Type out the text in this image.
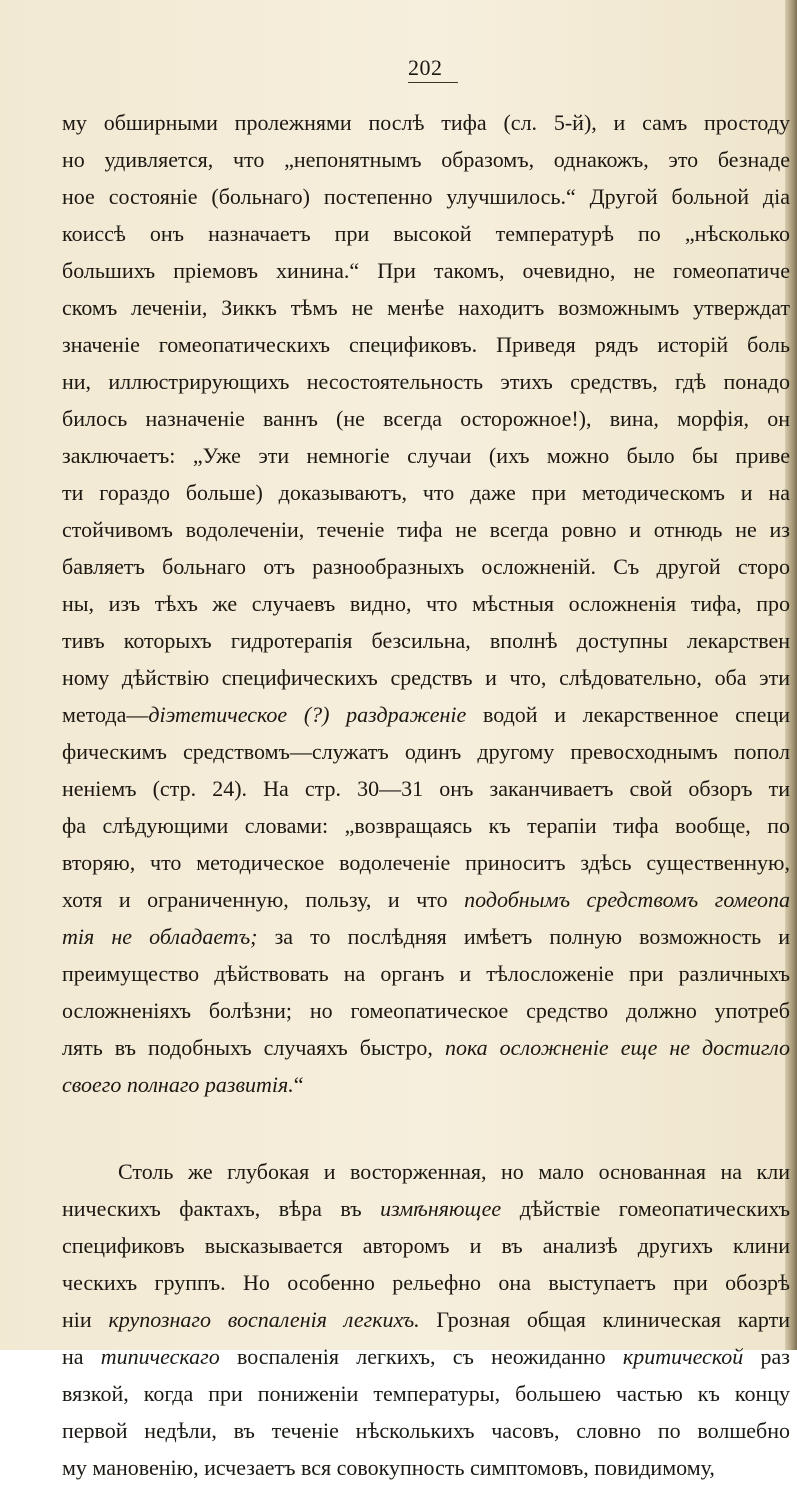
202
му обширными пролежнями послѣ тифа (сл. 5-й), и самъ простоду
но удивляется, что „непонятнымъ образомъ, однакожъ, это безнаде
ное состояніе (больнаго) постепенно улучшилось.“ Другой больной діа
коиссѣ онъ назначаетъ при высокой температурѣ по „нѣсколько
большихъ пріемовъ хинина.“ При такомъ, очевидно, не гомеопатиче
скомъ леченіи, Зиккъ тѣмъ не менѣе находитъ возможнымъ утверждат
значеніе гомеопатическихъ спецификовъ. Приведя рядъ исторій боль
ни, иллюстрирующихъ несостоятельность этихъ средствъ, гдѣ понадо
билось назначеніе ваннъ (не всегда осторожное!), вина, морфія, он
заключаетъ: „Уже эти немногіе случаи (ихъ можно было бы приве
ти гораздо больше) доказываютъ, что даже при методическомъ и на
стойчивомъ водолеченіи, теченіе тифа не всегда ровно и отнюдь не из
бавляетъ больнаго отъ разнообразныхъ осложненій. Съ другой сторо
ны, изъ тѣхъ же случаевъ видно, что мѣстныя осложненія тифа, про
тивъ которыхъ гидротерапія безсильна, вполнѣ доступны лекарствен
ному дѣйствію специфическихъ средствъ и что, слѣдовательно, оба эти
метода—діэтетическое (?) раздраженіе водой и лекарственное специ
фическимъ средствомъ—служатъ одинъ другому превосходнымъ попол
неніемъ (стр. 24). На стр. 30—31 онъ заканчиваетъ свой обзоръ ти
фа слѣдующими словами: „возвращаясь къ терапіи тифа вообще, по
вторяю, что методическое водолеченіе приноситъ здѣсь существенную,
хотя и ограниченную, пользу, и что подобнымъ средствомъ гомеопа
тія не обладаетъ; за то послѣдняя имѣетъ полную возможность и
преимущество дѣйствовать на органъ и тѣлосложеніе при различныхъ
осложненіяхъ болѣзни; но гомеопатическое средство должно употреб
лять въ подобныхъ случаяхъ быстро, пока осложненіе еще не достигло
своего полнаго развитія.“
Столь же глубокая и восторженная, но мало основанная на кли
ническихъ фактахъ, вѣра въ измѣняющее дѣйствіе гомеопатическихъ
спецификовъ высказывается авторомъ и въ анализѣ другихъ клини
ческихъ группъ. Но особенно рельефно она выступаетъ при обозрѣ
ніи крупознаго воспаленія легкихъ. Грозная общая клиническая карти
на типическаго воспаленія легкихъ, съ неожиданно критической раз
вязкой, когда при пониженіи температуры, большею частью къ концу
первой недѣли, въ теченіе нѣсколькихъ часовъ, словно по волшебно
му мановенію, исчезаетъ вся совокупность симптомовъ, повидимому,
